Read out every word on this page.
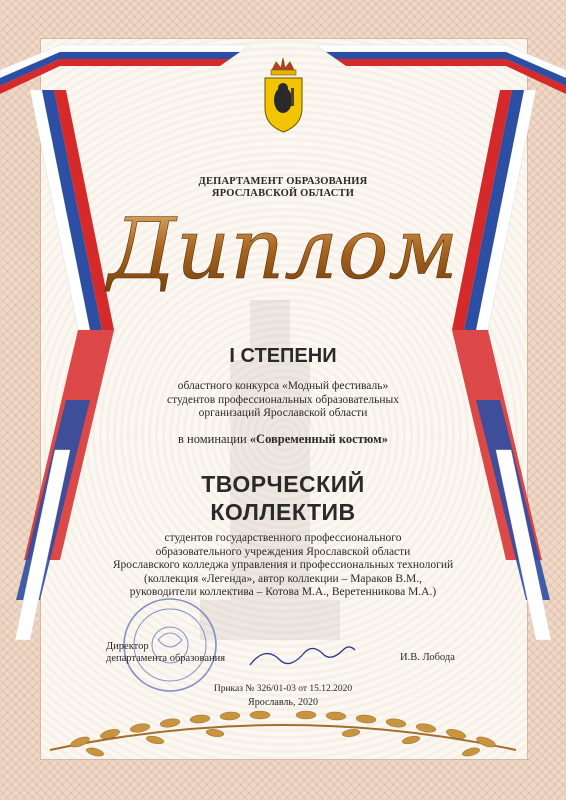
ДЕПАРТАМЕНТ ОБРАЗОВАНИЯ
ЯРОСЛАВСКОЙ ОБЛАСТИ
Диплом
I СТЕПЕНИ
областного конкурса «Модный фестиваль»
студентов профессиональных образовательных
организаций Ярославской области
в номинации «Современный костюм»
ТВОРЧЕСКИЙ
КОЛЛЕКТИВ
студентов государственного профессионального
образовательного учреждения Ярославской области
Ярославского колледжа управления и профессиональных технологий
(коллекция «Легенда», автор коллекции – Мараков В.М.,
руководители коллектива – Котова М.А., Веретенникова М.А.)
Директор
департамента образования	И.В. Лобода
Приказ № 326/01-03 от 15.12.2020
Ярославль, 2020
